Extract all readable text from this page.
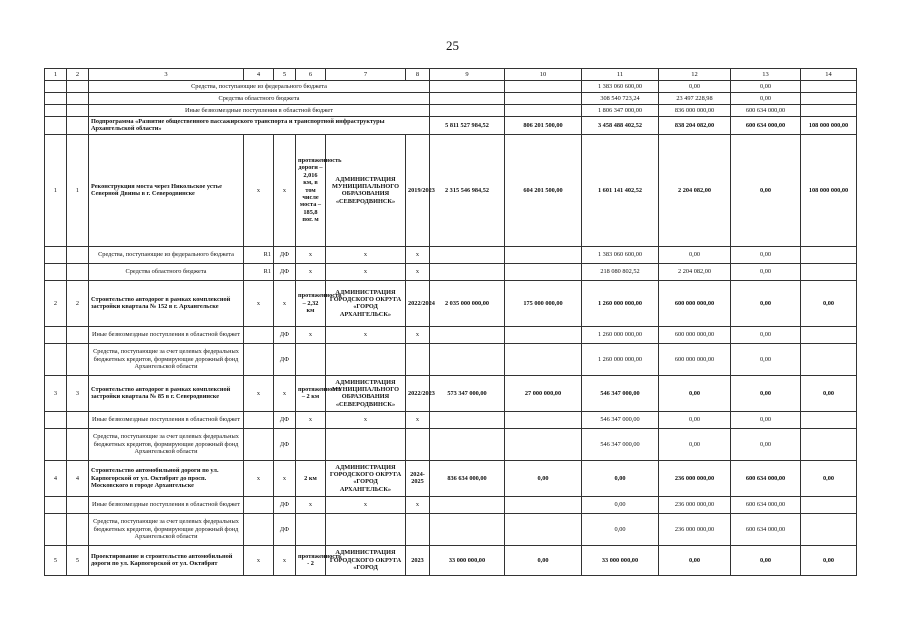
25
1	2	3	4	5	6	7	8	9	10	11	12	13	14
		Средства, поступающие из федерального бюджета								1 383 060 600,00	0,00	0,00	
		Средства областного бюджета								308 540 723,24	23 497 228,98	0,00	
		Иные безвозмездные поступления в областной бюджет								1 806 347 000,00	836 000 000,00	600 634 000,00	
		Подпрограмма «Развитие общественного пассажирского транспорта и транспортной инфраструктуры Архангельской области»						5 811 527 984,52	806 201 500,00	3 458 488 402,52	838 204 082,00	600 634 000,00	108 000 000,00
1	1	Реконструкция моста через Никольское устье Северной Двины в г. Северодвинске	х	х	протяженность дороги – 2,016 км, в том числе моста – 185,8 пог. м	АДМИНИСТРАЦИЯ МУНИЦИПАЛЬНОГО ОБРАЗОВАНИЯ «СЕВЕРОДВИНСК»	2019/2023	2 315 546 984,52	604 201 500,00	1 601 141 402,52	2 204 082,00	0,00	108 000 000,00
		Средства, поступающие из федерального бюджета	R1	ДФ	х	х	х			1 383 060 600,00	0,00	0,00	
		Средства областного бюджета	R1	ДФ	х	х	х			218 080 802,52	2 204 082,00	0,00	
2	2	Строительство автодорог в рамках комплексной застройки квартала № 152 в г. Архангельске	х	х	протяженность – 2,32 км	АДМИНИСТРАЦИЯ ГОРОДСКОГО ОКРУГА «ГОРОД АРХАНГЕЛЬСК»	2022/2024	2 035 000 000,00	175 000 000,00	1 260 000 000,00	600 000 000,00	0,00	0,00
		Иные безвозмездные поступления в областной бюджет		ДФ	х	х	х			1 260 000 000,00	600 000 000,00	0,00	
		Средства, поступающие за счет целевых федеральных бюджетных кредитов, формирующие дорожный фонд Архангельской области		ДФ						1 260 000 000,00	600 000 000,00	0,00	
3	3	Строительство автодорог в рамках комплексной застройки квартала № 85 в г. Северодвинске	х	х	протяженность – 2 км	АДМИНИСТРАЦИЯ МУНИЦИПАЛЬНОГО ОБРАЗОВАНИЯ «СЕВЕРОДВИНСК»	2022/2023	573 347 000,00	27 000 000,00	546 347 000,00	0,00	0,00	0,00
		Иные безвозмездные поступления в областной бюджет		ДФ	х	х	х			546 347 000,00	0,00	0,00	
		Средства, поступающие за счет целевых федеральных бюджетных кредитов, формирующие дорожный фонд Архангельской области		ДФ						546 347 000,00	0,00	0,00	
4	4	Строительство автомобильной дороги по ул. Карпогорской от ул. Октябрят до просп. Московского в городе Архангельске	х	х	2 км	АДМИНИСТРАЦИЯ ГОРОДСКОГО ОКРУГА «ГОРОД АРХАНГЕЛЬСК»	2024-2025	836 634 000,00	0,00	0,00	236 000 000,00	600 634 000,00	0,00
		Иные безвозмездные поступления в областной бюджет		ДФ	х	х	х			0,00	236 000 000,00	600 634 000,00	
		Средства, поступающие за счет целевых федеральных бюджетных кредитов, формирующие дорожный фонд Архангельской области		ДФ						0,00	236 000 000,00	600 634 000,00	
5	5	Проектирование и строительство автомобильной дороги по ул. Карпогорской от ул. Октябрят	х	х	протяженность - 2	АДМИНИСТРАЦИЯ ГОРОДСКОГО ОКРУГА «ГОРОД	2023	33 000 000,00	0,00	33 000 000,00	0,00	0,00	0,00
